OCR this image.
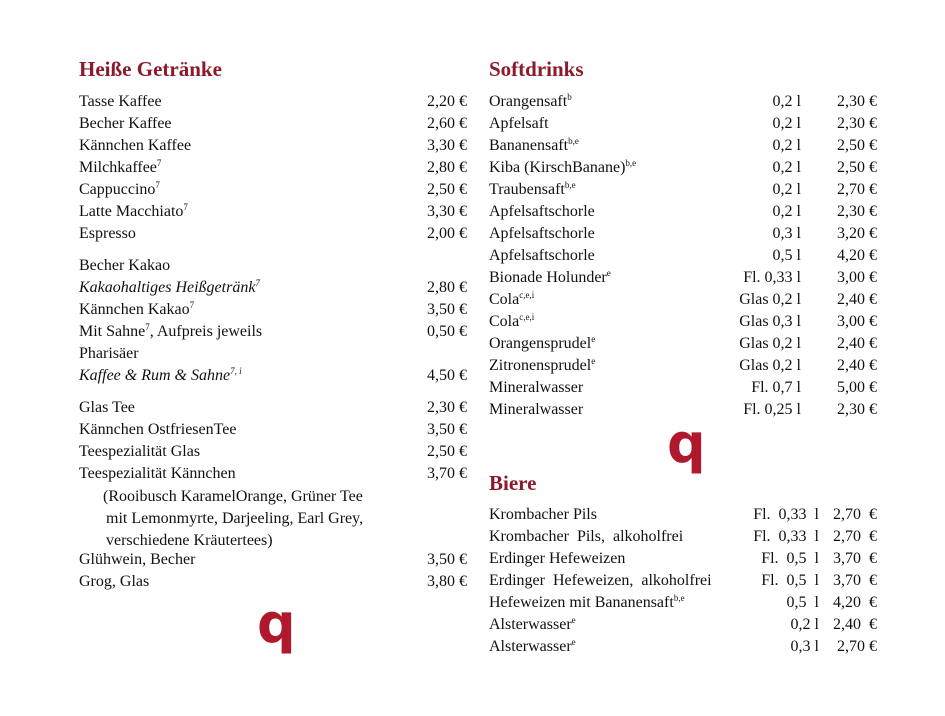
Heiße Getränke
Tasse Kaffee	2,20 €
Becher Kaffee	2,60 €
Kännchen Kaffee	3,30 €
Milchkaffee$^7$	2,80 €
Cappuccino$^7$	2,50 €
Latte Macchiato$^7$	3,30 €
Espresso	2,00 €
Becher Kakao
Kakaohaltiges Heißgetränk$^7$	2,80 €
Kännchen Kakao$^7$	3,50 €
Mit Sahne$^7$, Aufpreis jeweils	0,50 €
Pharisäer
Kaffee & Rum & Sahne$^{7, i}$	4,50 €
Glas Tee	2,30 €
Kännchen OstfriesenTee	3,50 €
Teespezialität Glas	2,50 €
Teespezialität Kännchen	3,70 €
Glühwein, Becher	3,50 €
Grog, Glas	3,80 €
(Rooibusch KaramelOrange, Grüner Tee
mit Lemonmyrte, Darjeeling, Earl Grey,
verschiedene Kräutertees)
q
Softdrinks
Orangensaft$^b$	0,2 l 2,30 €
Apfelsaft	0,2 l 2,30 €
Bananensaft$^{b,e}$	0,2 l 2,50 €
Kiba (KirschBanane)$^{b,e}$	0,2 l 2,50 €
Traubensaft$^{b,e}$	0,2 l 2,70 €
Apfelsaftschorle	0,2 l 2,30 €
Apfelsaftschorle	0,3 l 3,20 €
Apfelsaftschorle	0,5 l 4,20 €
Bionade Holunder$^e$	Fl. 0,33 l 3,00 €
Cola$^{c,e,i}$	Glas 0,2 l 2,40 €
Cola$^{c,e,i}$	Glas 0,3 l 3,00 €
Orangensprudel$^e$	Glas 0,2 l 2,40 €
Zitronensprudel$^e$	Glas 0,2 l 2,40 €
Mineralwasser	Fl. 0,7 l 5,00 €
Mineralwasser	Fl. 0,25 l 2,30 €
q
Biere
Krombacher Pils	Fl.  0,33  l 2,70  €
Krombacher  Pils,  alkoholfrei	Fl.  0,33  l 2,70  €
Erdinger Hefeweizen	Fl.  0,5  l 3,70  €
Erdinger  Hefeweizen,  alkoholfrei	Fl.  0,5  l 3,70  €
Hefeweizen mit Bananensaft$^{b,e}$	0,5  l 4,20  €
Alsterwasser$^e$	0,2 l 2,40  €
Alsterwasser$^e$	0,3 l 2,70 €
